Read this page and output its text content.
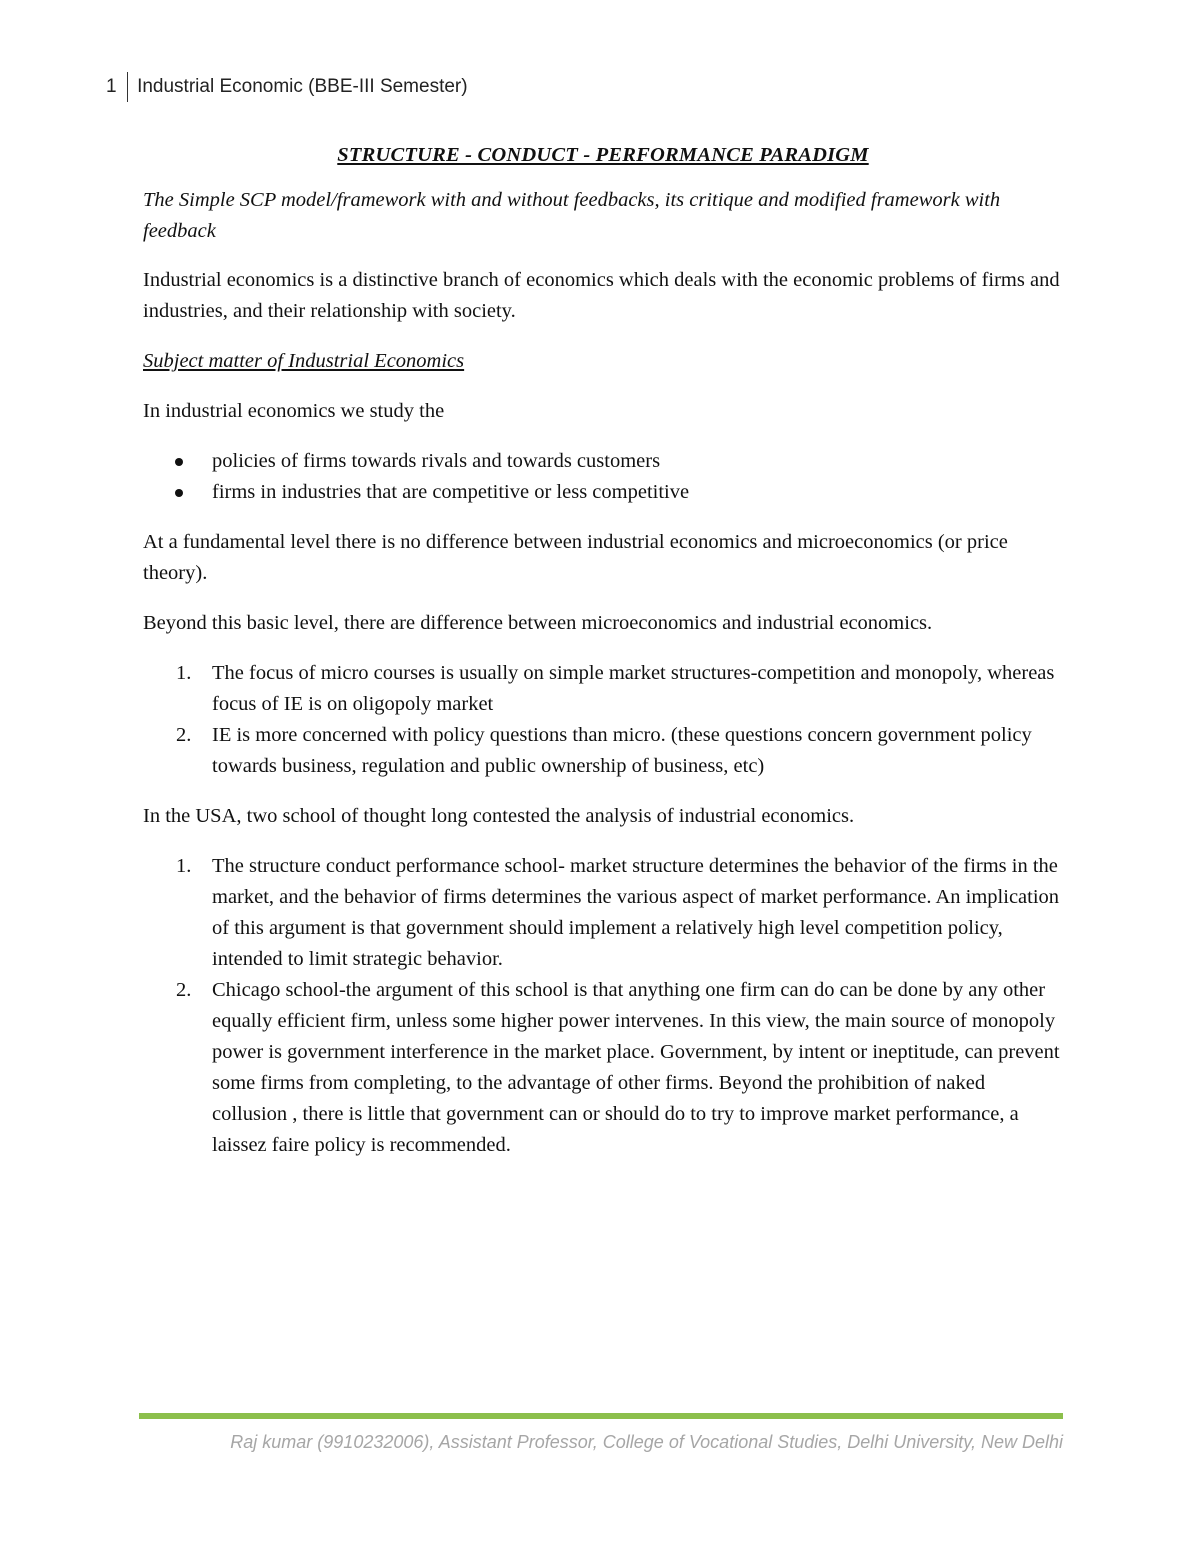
1	Industrial Economic (BBE-III Semester)
STRUCTURE - CONDUCT - PERFORMANCE PARADIGM
The Simple SCP model/framework with and without feedbacks, its critique and modified framework with feedback

Industrial economics is a distinctive branch of economics which deals with the economic problems of firms and industries, and their relationship with society.

Subject matter of Industrial Economics

In industrial economics we study the

policies of firms towards rivals and towards customers
firms in industries that are competitive or less competitive

At a fundamental level there is no difference between industrial economics and microeconomics (or price theory).

Beyond this basic level, there are difference between microeconomics and industrial economics.

1. The focus of micro courses is usually on simple market structures-competition and monopoly, whereas focus of IE is on oligopoly market
2. IE is more concerned with policy questions than micro. (these questions concern government policy towards business, regulation and public ownership of business, etc)

In the USA, two school of thought long contested the analysis of industrial economics.

1. The structure conduct performance school- market structure determines the behavior of the firms in the market, and the behavior of firms determines the various aspect of market performance. An implication of this argument is that government should implement a relatively high level competition policy, intended to limit strategic behavior.
2. Chicago school-the argument of this school is that anything one firm can do can be done by any other equally efficient firm, unless some higher power intervenes. In this view, the main source of monopoly power is government interference in the market place. Government, by intent or ineptitude, can prevent some firms from completing, to the advantage of other firms. Beyond the prohibition of naked collusion , there is little that government can or should do to try to improve market performance, a laissez faire policy is recommended.
Raj kumar (9910232006), Assistant Professor, College of Vocational Studies, Delhi University, New Delhi
